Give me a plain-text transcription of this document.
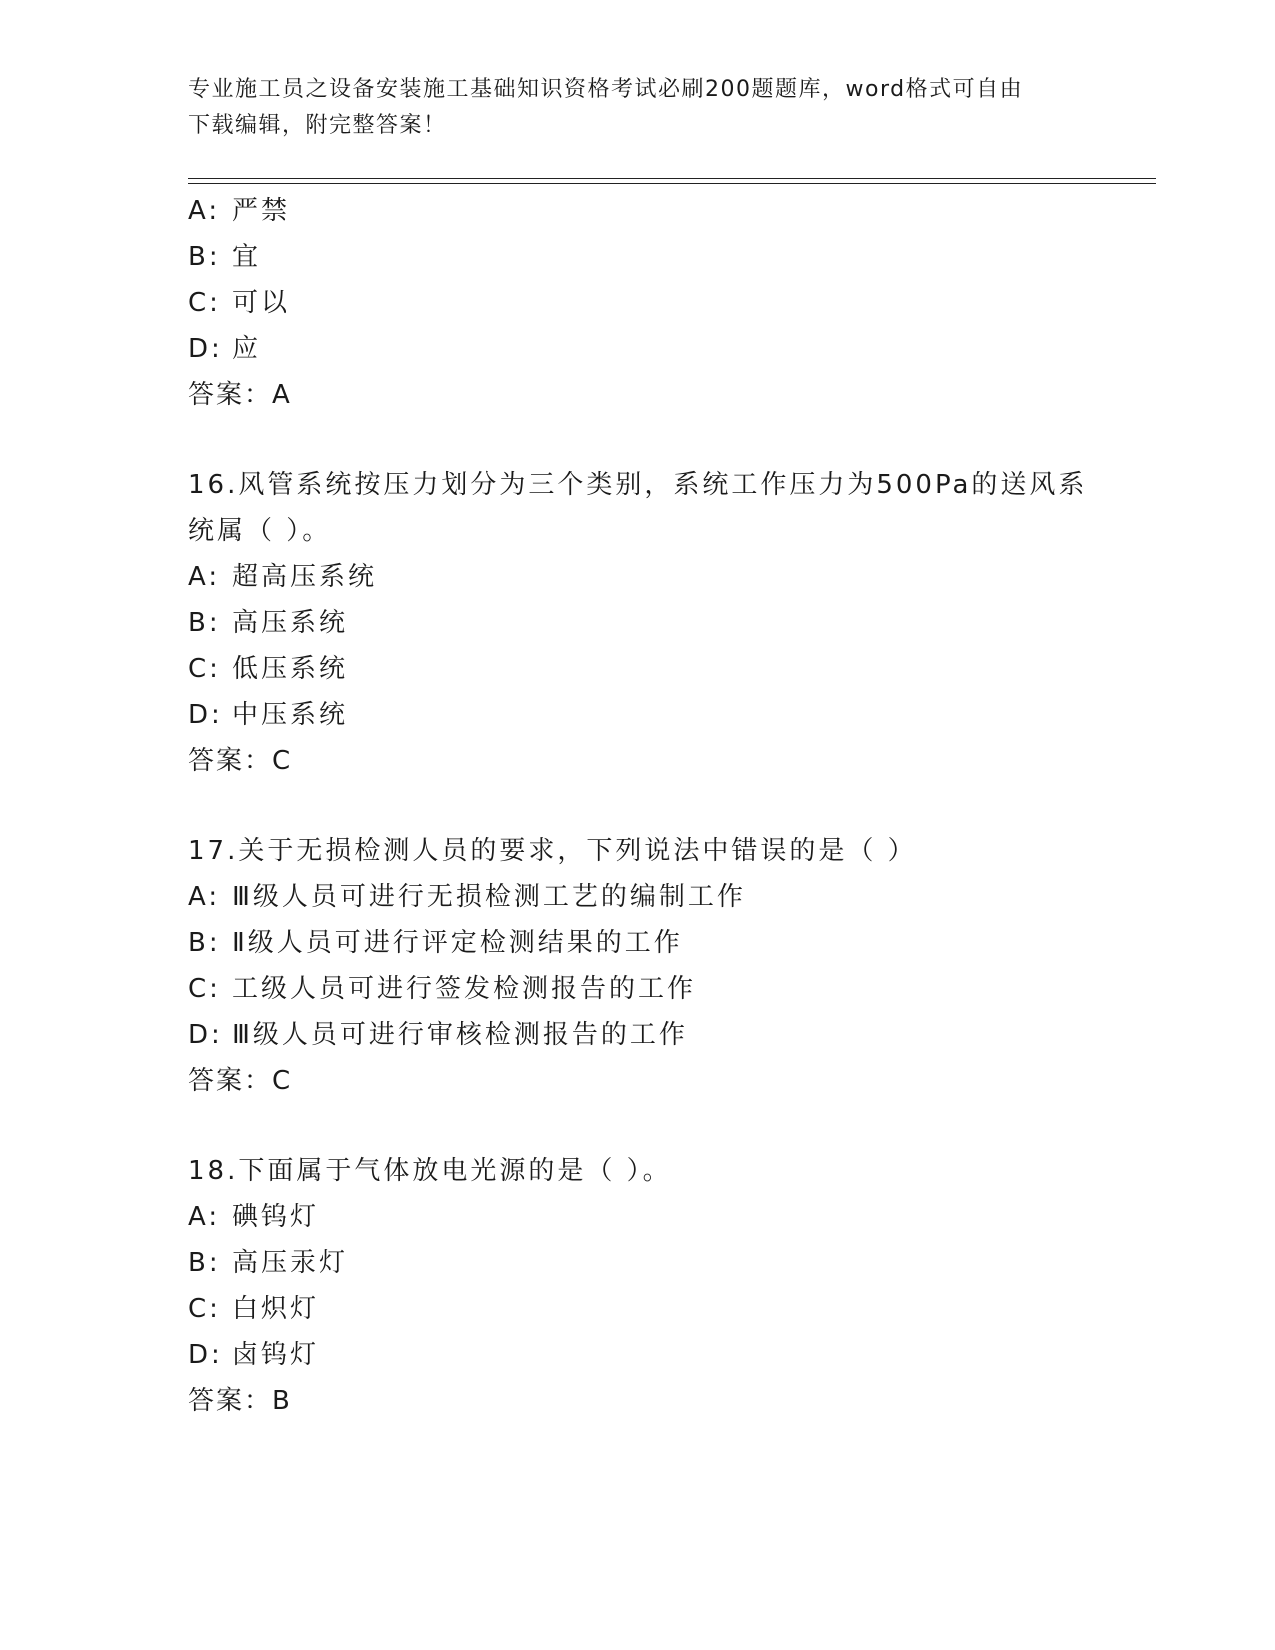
专业施工员之设备安装施工基础知识资格考试必刷200题题库，word格式可自由
下载编辑，附完整答案！
A: 严禁
B: 宜
C: 可以
D: 应
答案：A
16.风管系统按压力划分为三个类别，系统工作压力为500Pa的送风系
统属（ ）。
A: 超高压系统
B: 高压系统
C: 低压系统
D: 中压系统
答案：C
17.关于无损检测人员的要求，下列说法中错误的是（ ）
A: Ⅲ级人员可进行无损检测工艺的编制工作
B: Ⅱ级人员可进行评定检测结果的工作
C: 工级人员可进行签发检测报告的工作
D: Ⅲ级人员可进行审核检测报告的工作
答案：C
18.下面属于气体放电光源的是（ ）。
A: 碘钨灯
B: 高压汞灯
C: 白炽灯
D: 卤钨灯
答案：B
